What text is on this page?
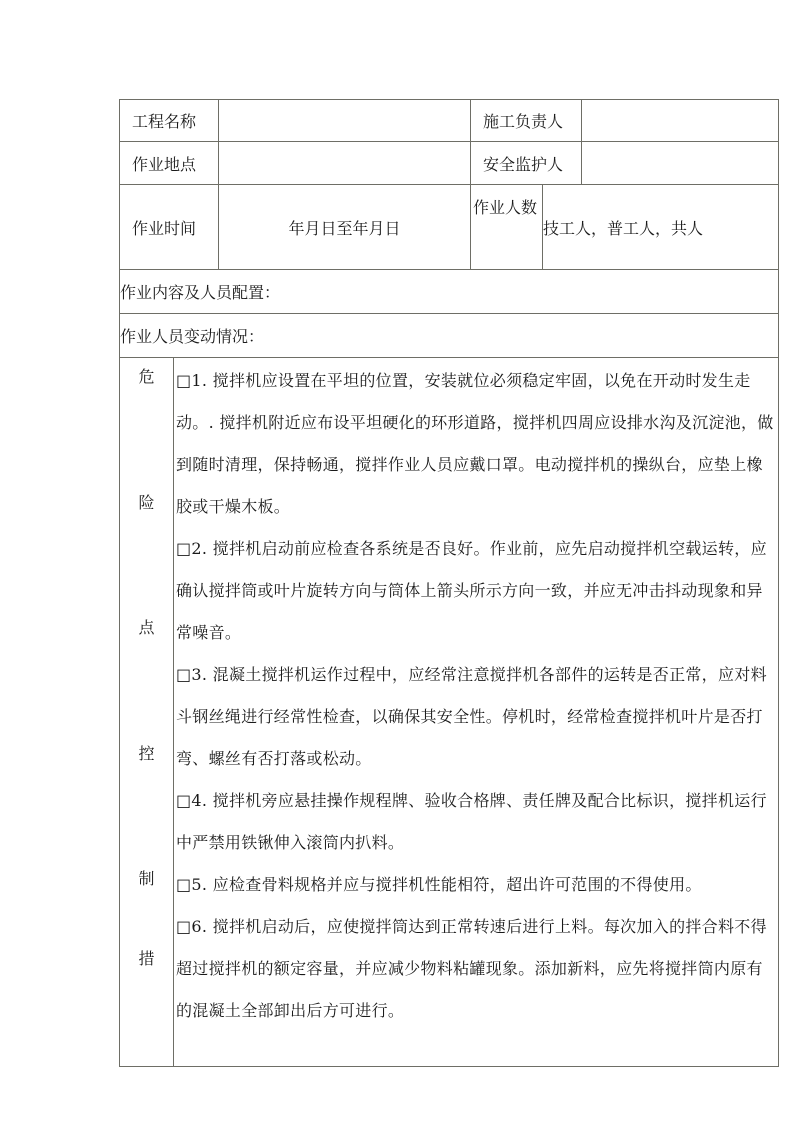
工程名称			施工负责人		
作业地点			安全监护人		
作业时间		年月日至年月日	作业人数	技工人，普工人，共人	
作业内容及人员配置：					
作业人员变动情况：					

危
险
点
控
制
措

□1. 搅拌机应设置在平坦的位置，安装就位必须稳定牢固，以免在开动时发生走动。. 搅拌机附近应布设平坦硬化的环形道路，搅拌机四周应设排水沟及沉淀池，做到随时清理，保持畅通，搅拌作业人员应戴口罩。电动搅拌机的操纵台，应垫上橡胶或干燥木板。

□2. 搅拌机启动前应检查各系统是否良好。作业前，应先启动搅拌机空载运转，应确认搅拌筒或叶片旋转方向与筒体上箭头所示方向一致，并应无冲击抖动现象和异常噪音。

□3. 混凝土搅拌机运作过程中，应经常注意搅拌机各部件的运转是否正常，应对料斗钢丝绳进行经常性检查，以确保其安全性。停机时，经常检查搅拌机叶片是否打弯、螺丝有否打落或松动。

□4. 搅拌机旁应悬挂操作规程牌、验收合格牌、责任牌及配合比标识，搅拌机运行中严禁用铁锹伸入滚筒内扒料。

□5. 应检查骨料规格并应与搅拌机性能相符，超出许可范围的不得使用。

□6. 搅拌机启动后，应使搅拌筒达到正常转速后进行上料。每次加入的拌合料不得超过搅拌机的额定容量，并应减少物料粘罐现象。添加新料，应先将搅拌筒内原有的混凝土全部卸出后方可进行。
